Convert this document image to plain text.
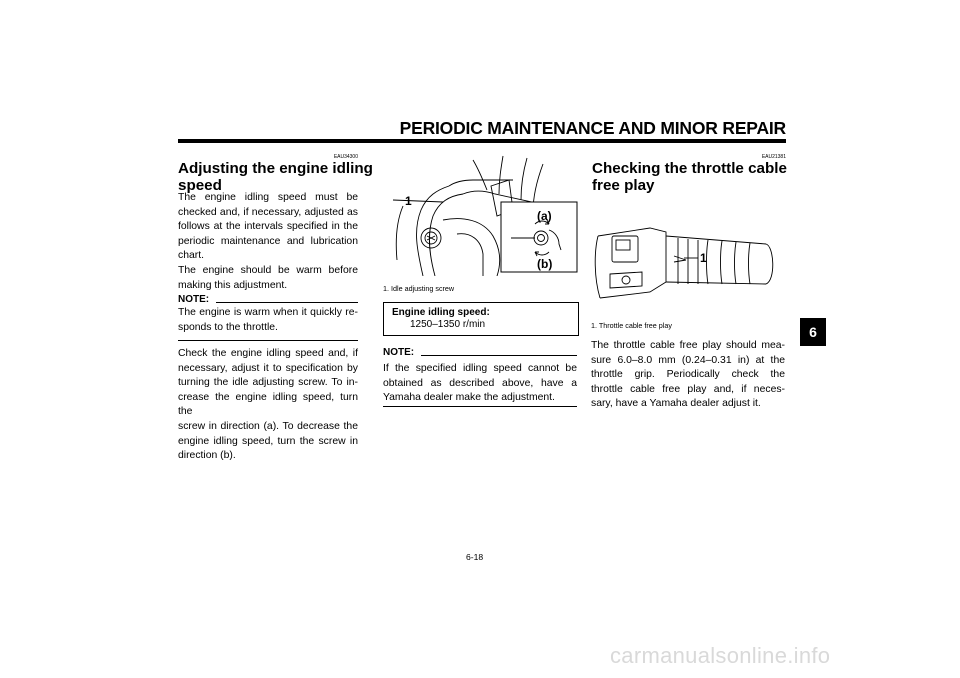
PERIODIC MAINTENANCE AND MINOR REPAIR
EAU34300
Adjusting the engine idling
speed
The engine idling speed must be
checked and, if necessary, adjusted as
follows at the intervals specified in the
periodic maintenance and lubrication
chart.
The engine should be warm before
making this adjustment.
NOTE:
The engine is warm when it quickly re-
sponds to the throttle.
Check the engine idling speed and, if
necessary, adjust it to specification by
turning the idle adjusting screw. To in-
crease the engine idling speed, turn the
screw in direction (a). To decrease the
engine idling speed, turn the screw in
direction (b).
1
(a)
(b)
1. Idle adjusting screw
Engine idling speed:
1250–1350 r/min
NOTE:
If the specified idling speed cannot be
obtained as described above, have a
Yamaha dealer make the adjustment.
EAU21381
Checking the throttle cable
free play
1
1. Throttle cable free play
The throttle cable free play should mea-
sure 6.0–8.0 mm (0.24–0.31 in) at the
throttle grip. Periodically check the
throttle cable free play and, if neces-
sary, have a Yamaha dealer adjust it.
6
6-18
carmanualsonline.info
